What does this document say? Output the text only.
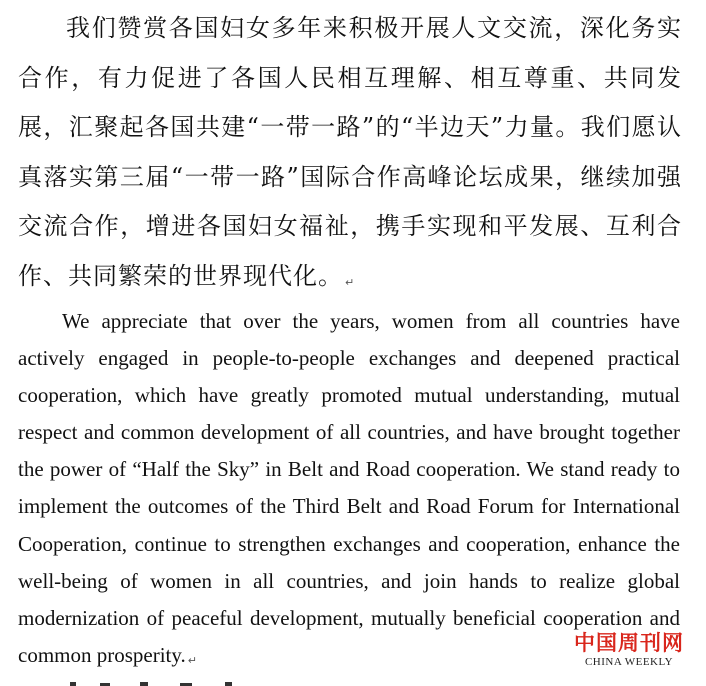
我们赞赏各国妇女多年来积极开展人文交流，深化务实合作，有力促进了各国人民相互理解、相互尊重、共同发展，汇聚起各国共建“一带一路”的“半边天”力量。我们愿认真落实第三届“一带一路”国际合作高峰论坛成果，继续加强交流合作，增进各国妇女福祉，携手实现和平发展、互利合作、共同繁荣的世界现代化。 ↵

We appreciate that over the years, women from all countries have actively engaged in people-to-people exchanges and deepened practical cooperation, which have greatly promoted mutual understanding, mutual respect and common development of all countries, and have brought together the power of “Half the Sky” in Belt and Road cooperation. We stand ready to implement the outcomes of the Third Belt and Road Forum for International Cooperation, continue to strengthen exchanges and cooperation, enhance the well-being of women in all countries, and join hands to realize global modernization of peaceful development, mutually beneficial cooperation and common prosperity. ↵

中国周刊网
CHINA WEEKLY
